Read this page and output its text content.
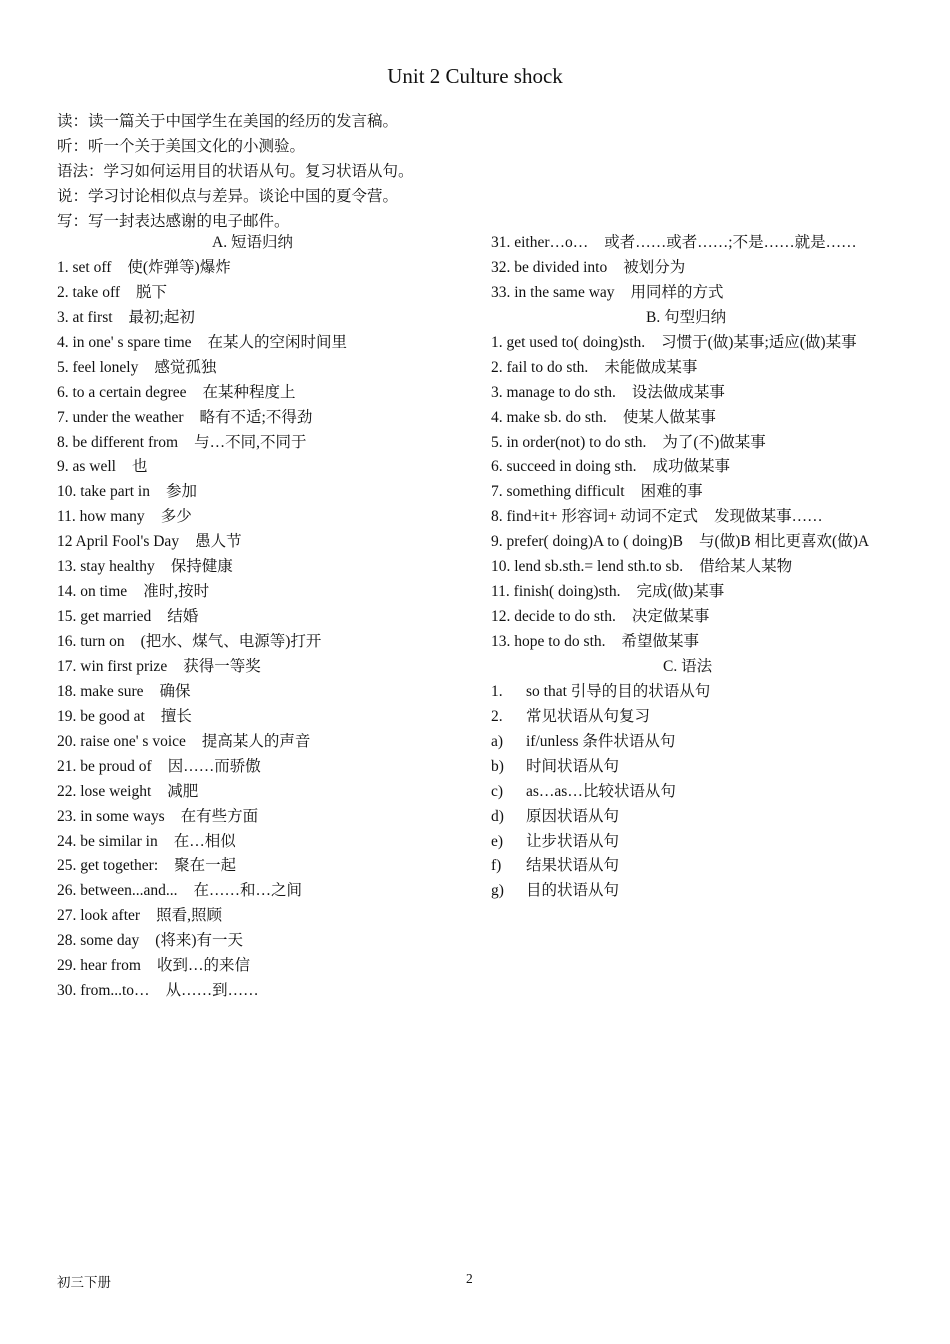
Unit 2 Culture shock
读：读一篇关于中国学生在美国的经历的发言稿。
听：听一个关于美国文化的小测验。
语法：学习如何运用目的状语从句。复习状语从句。
说：学习讨论相似点与差异。谈论中国的夏令营。
写：写一封表达感谢的电子邮件。
A. 短语归纳
1. set off 使(炸弹等)爆炸
2. take off 脱下
3. at first 最初;起初
4. in one' s spare time 在某人的空闲时间里
5. feel lonely 感觉孤独
6. to a certain degree 在某种程度上
7. under the weather 略有不适;不得劲
8. be different from 与…不同,不同于
9. as well 也
10. take part in 参加
11. how many 多少
12 April Fool's Day 愚人节
13. stay healthy 保持健康
14. on time 准时,按时
15. get married 结婚
16. turn on (把水、煤气、电源等)打开
17. win first prize 获得一等奖
18. make sure 确保
19. be good at 擅长
20. raise one' s voice 提高某人的声音
21. be proud of 因……而骄傲
22. lose weight 减肥
23. in some ways 在有些方面
24. be similar in 在…相似
25. get together: 聚在一起
26. between...and... 在……和…之间
27. look after 照看,照顾
28. some day (将来)有一天
29. hear from 收到…的来信
30. from...to… 从……到……
31. either…o… 或者……或者……;不是……就是……
32. be divided into 被划分为
33. in the same way 用同样的方式
B. 句型归纳
1. get used to( doing)sth. 习惯于(做)某事;适应(做)某事
2. fail to do sth. 未能做成某事
3. manage to do sth. 设法做成某事
4. make sb. do sth. 使某人做某事
5. in order(not) to do sth. 为了(不)做某事
6. succeed in doing sth. 成功做某事
7. something difficult 困难的事
8. find+it+ 形容词+ 动词不定式 发现做某事……
9. prefer( doing)A to ( doing)B 与(做)B 相比更喜欢(做)A
10. lend sb.sth.= lend sth.to sb. 借给某人某物
11. finish( doing)sth. 完成(做)某事
12. decide to do sth. 决定做某事
13. hope to do sth. 希望做某事
C. 语法
1. so that 引导的目的状语从句
2. 常见状语从句复习
a) if/unless 条件状语从句
b) 时间状语从句
c) as…as…比较状语从句
d) 原因状语从句
e) 让步状语从句
f) 结果状语从句
g) 目的状语从句
初三下册	2
